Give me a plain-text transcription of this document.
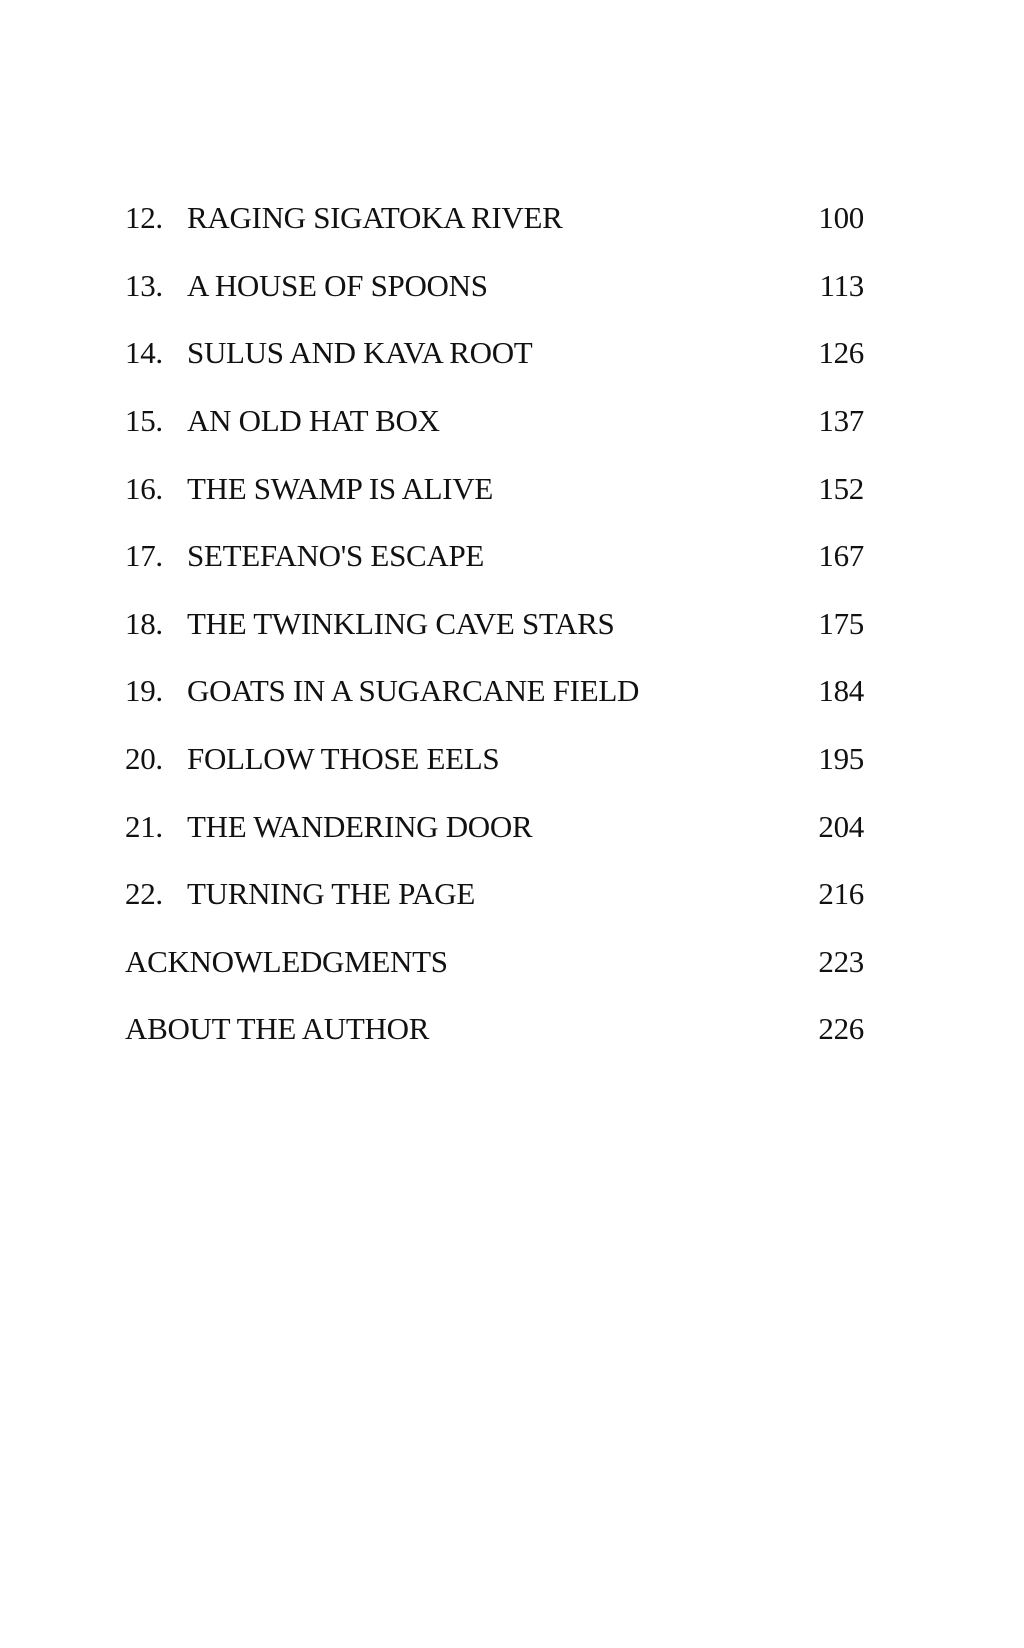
12. RAGING SIGATOKA RIVER	100
13. A HOUSE OF SPOONS	113
14. SULUS AND KAVA ROOT	126
15. AN OLD HAT BOX	137
16. THE SWAMP IS ALIVE	152
17. SETEFANO'S ESCAPE	167
18. THE TWINKLING CAVE STARS	175
19. GOATS IN A SUGARCANE FIELD	184
20. FOLLOW THOSE EELS	195
21. THE WANDERING DOOR	204
22. TURNING THE PAGE	216
ACKNOWLEDGMENTS	223
ABOUT THE AUTHOR	226
